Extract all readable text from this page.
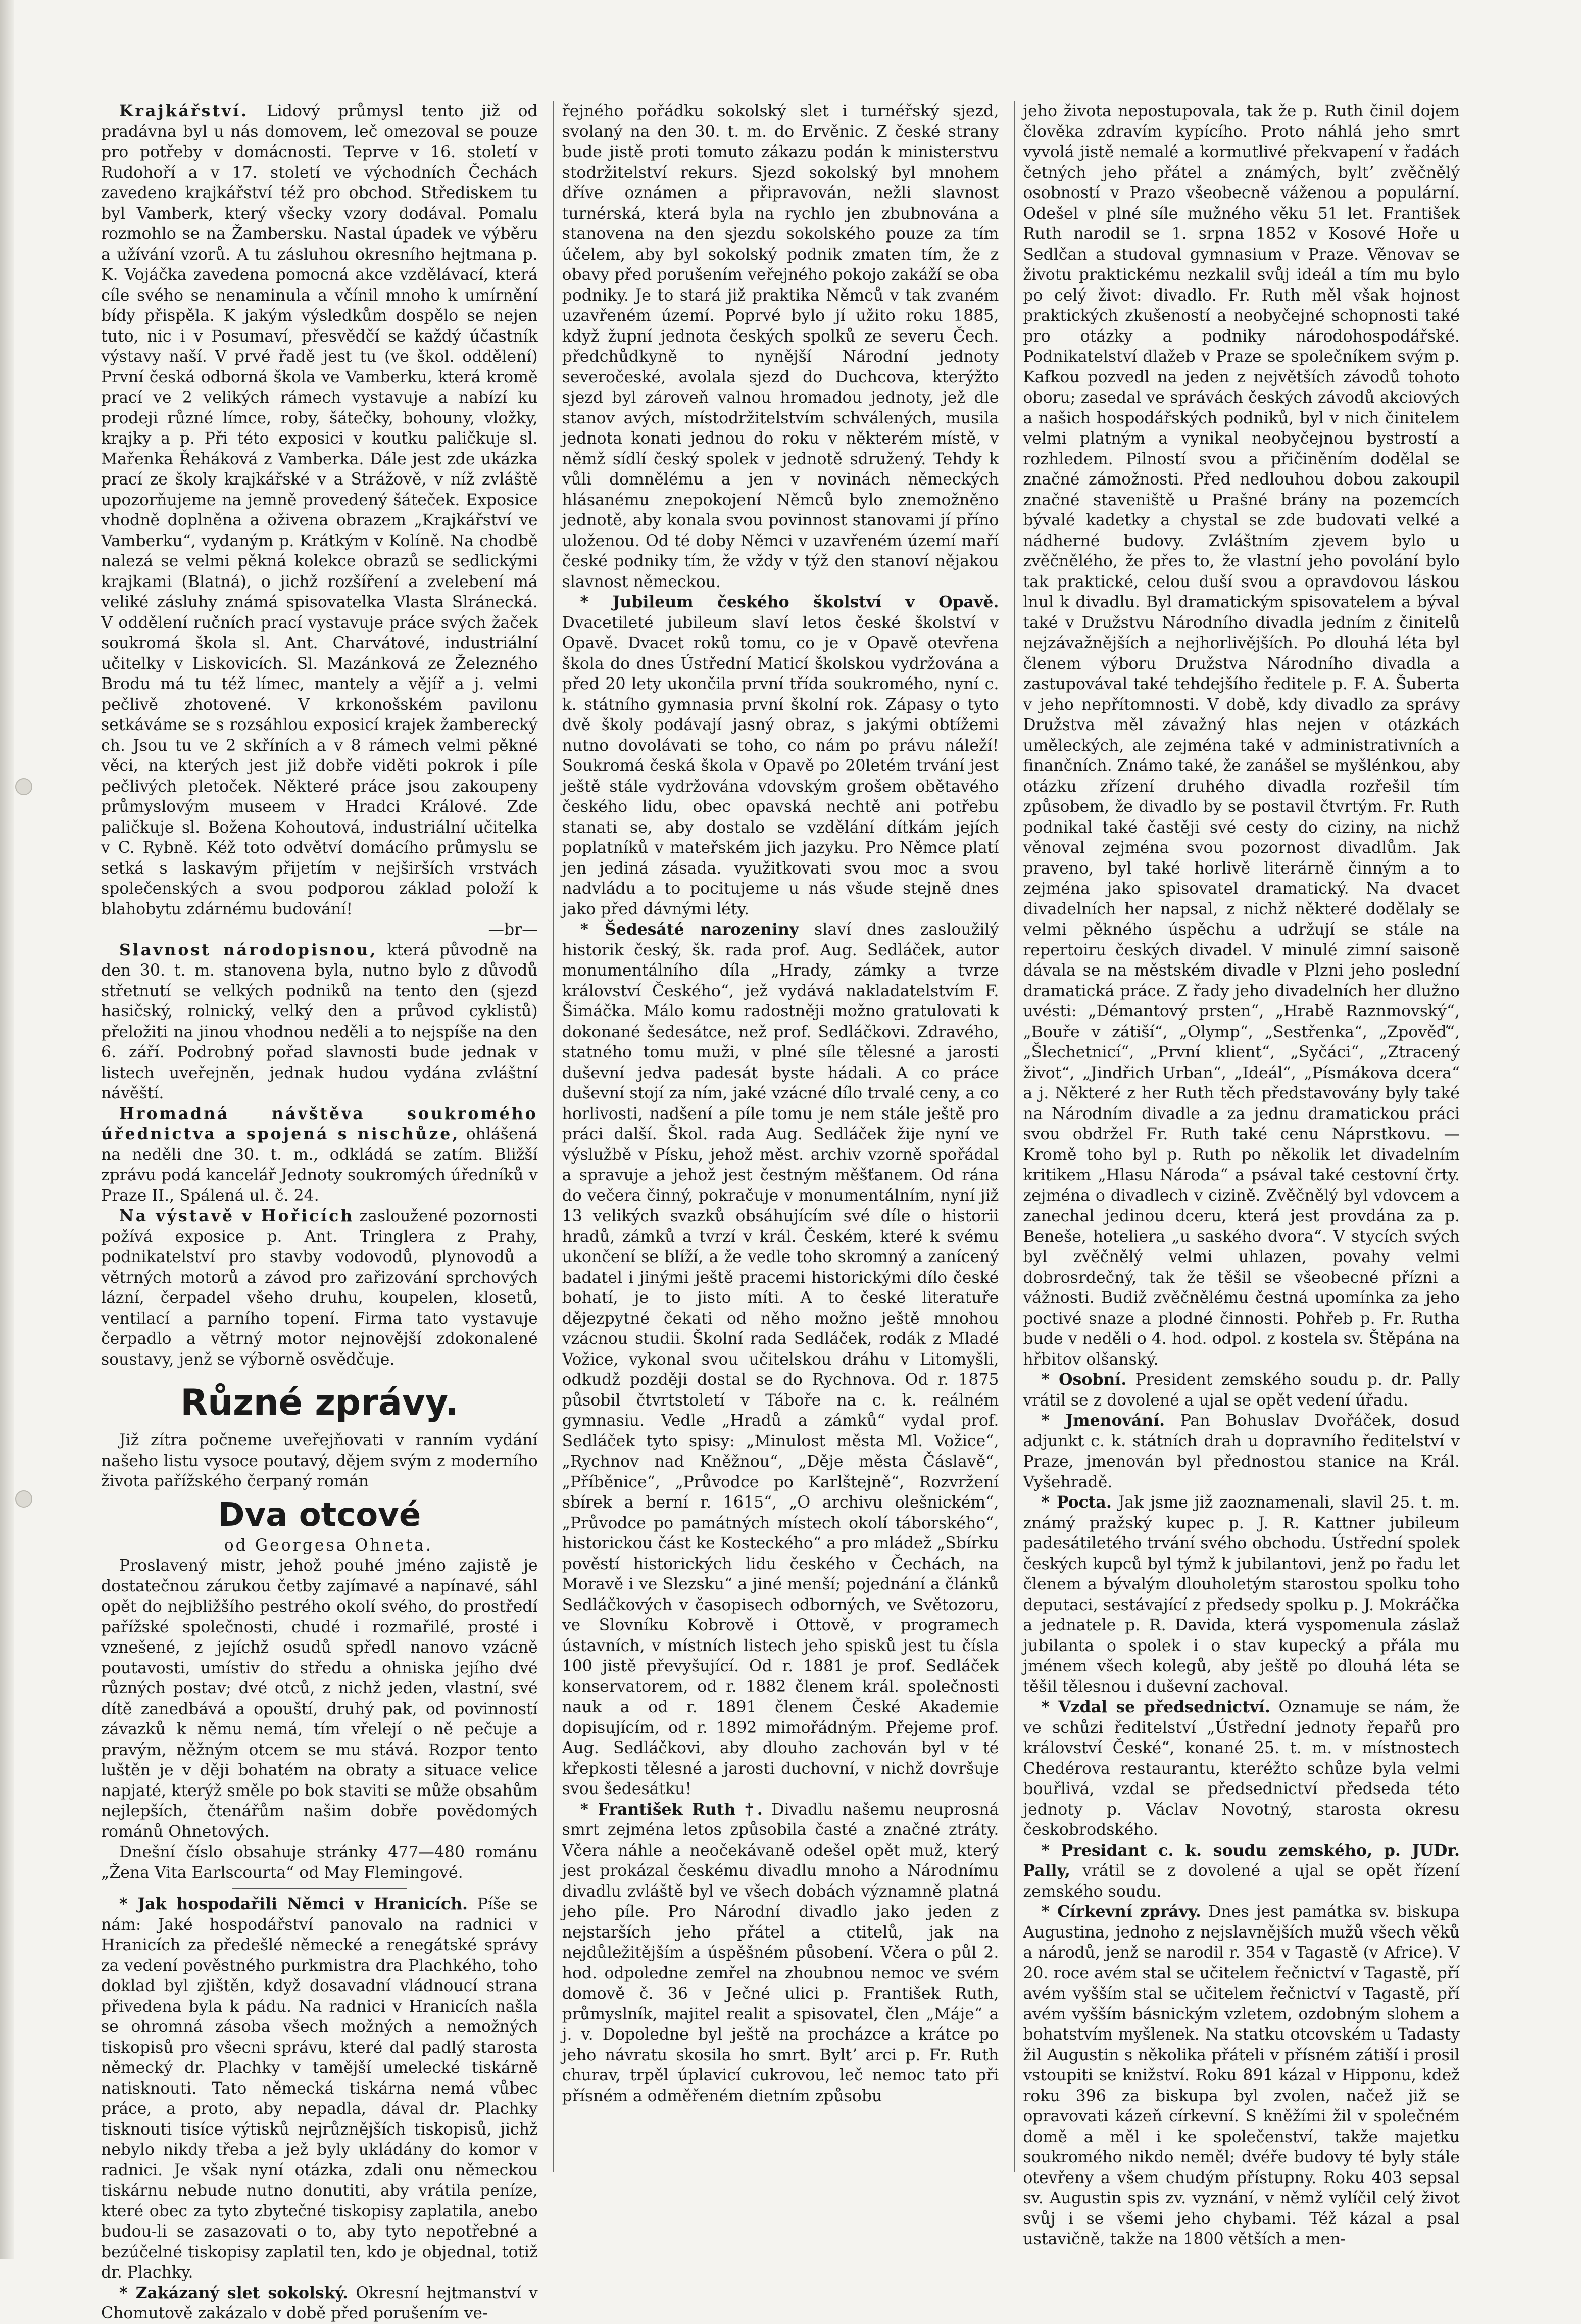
Krajkářství. Lidový průmysl tento již od pradávna byl u nás domovem, leč omezoval se pouze pro potřeby v domácnosti. Teprve v 16. století v Rudohoří a v 17. století ve východních Čechách zavedeno krajkářství též pro obchod. Střediskem tu byl Vamberk, který všecky vzory dodával. Pomalu rozmohlo se na Žambersku. Nastal úpadek ve výběru a užívání vzorů. A tu zásluhou okresního hejtmana p. K. Vojáčka zavedena pomocná akce vzdělávací, která cíle svého se nenaminula a včínil mnoho k umírnění bídy přispěla. K jakým výsledkům dospělo se nejen tuto, nic i v Posumaví, přesvědčí se každý účastník výstavy naší. V prvé řadě jest tu (ve škol. oddělení) První česká odborná škola ve Vamberku, která kromě prací ve 2 velikých rámech vystavuje a nabízí ku prodeji různé límce, roby, šátečky, bohouny, vložky, krajky a p. Při této exposici v koutku paličkuje sl. Mařenka Řeháková z Vamberka. Dále jest zde ukázka prací ze školy krajkářské v a Strážově, v níž zvláště upozorňujeme na jemně provedený šáteček. Exposice vhodně doplněna a oživena obrazem „Krajkářství ve Vamberku“, vydaným p. Krátkým v Kolíně. Na chodbě nalezá se velmi pěkná kolekce obrazů se sedlickými krajkami (Blatná), o jichž rozšíření a zvelebení má veliké zásluhy známá spisovatelka Vlasta Slránecká. V oddělení ručních prací vystavuje práce svých žaček soukromá škola sl. Ant. Charvátové, industriální učitelky v Liskovicích. Sl. Mazánková ze Železného Brodu má tu též límec, mantely a vějíř a j. velmi pečlivě zhotovené. V krkonošském pavilonu setkáváme se s rozsáhlou exposicí krajek žamberecký ch. Jsou tu ve 2 skříních a v 8 rámech velmi pěkné věci, na kterých jest již dobře viděti pokrok i píle pečlivých pletoček. Některé práce jsou zakoupeny průmyslovým museem v Hradci Králové. Zde paličkuje sl. Božena Kohoutová, industriální učitelka v C. Rybně. Kéž toto odvětví domácího průmyslu se setká s laskavým přijetím v nejširších vrstvách společenských a svou podporou základ položí k blahobytu zdárnému budování!

—br—

Slavnost národopisnou, která původně na den 30. t. m. stanovena byla, nutno bylo z důvodů střetnutí se velkých podniků na tento den (sjezd hasičský, rolnický, velký den a průvod cyklistů) přeložiti na jinou vhodnou neděli a to nejspíše na den 6. září. Podrobný pořad slavnosti bude jednak v listech uveřejněn, jednak hudou vydána zvláštní návěští.

Hromadná návštěva soukromého úřednictva a spojená s nischůze, ohlášená na neděli dne 30. t. m., odkládá se zatím. Bližší zprávu podá kancelář Jednoty soukromých úředníků v Praze II., Spálená ul. č. 24.

Na výstavě v Hořicích zasloužené pozornosti požívá exposice p. Ant. Tringlera z Prahy, podnikatelství pro stavby vodovodů, plynovodů a větrných motorů a závod pro zařizování sprchových lázní, čerpadel všeho druhu, koupelen, klosetů, ventilací a parního topení. Firma tato vystavuje čerpadlo a větrný motor nejnovější zdokonalené soustavy, jenž se výborně osvědčuje.

Různé zprávy.

Již zítra počneme uveřejňovati v ranním vydání našeho listu vysoce poutavý, dějem svým z moderního života pařížského čerpaný román

Dva otcové

od Georgesa Ohneta.

Proslavený mistr, jehož pouhé jméno zajistě je dostatečnou zárukou četby zajímavé a napínavé, sáhl opět do nejbližšího pestrého okolí svého, do prostředí pařížské společnosti, chudé i rozmařilé, prosté i vznešené, z jejíchž osudů spředl nanovo vzácně poutavosti, umístiv do středu a ohniska jejího dvé různých postav; dvé otců, z nichž jeden, vlastní, své dítě zanedbává a opouští, druhý pak, od povinností závazků k němu nemá, tím vřelejí o ně pečuje a pravým, něžným otcem se mu stává. Rozpor tento luštěn je v ději bohatém na obraty a situace velice napjaté, kterýž směle po bok staviti se může obsahům nejlepších, čtenářům našim dobře povědomých románů Ohnetových.

Dnešní číslo obsahuje stránky 477—480 románu „Žena Vita Earlscourta“ od May Flemingové.

* Jak hospodařili Němci v Hranicích. Píše se nám: Jaké hospodářství panovalo na radnici v Hranicích za předešlé německé a renegátské správy za vedení pověstného purkmistra dra Plachkého, toho doklad byl zjištěn, když dosavadní vládnoucí strana přivedena byla k pádu. Na radnici v Hranicích našla se ohromná zásoba všech možných a nemožných tiskopisů pro všecni správu, které dal padlý starosta německý dr. Plachky v tamější umelecké tiskárně natisknouti. Tato německá tiskárna nemá vůbec práce, a proto, aby nepadla, dával dr. Plachky tisknouti tisíce výtisků nejrůznějších tiskopisů, jichž nebylo nikdy třeba a jež byly ukládány do komor v radnici. Je však nyní otázka, zdali onu německou tiskárnu nebude nutno donutiti, aby vrátila peníze, které obec za tyto zbytečné tiskopisy zaplatila, anebo budou-li se zasazovati o to, aby tyto nepotřebné a bezúčelné tiskopisy zaplatil ten, kdo je objednal, totiž dr. Plachky.

* Zakázaný slet sokolský. Okresní hejtmanství v Chomutově zakázalo v době před porušením ve-

řejného pořádku sokolský slet i turnéřský sjezd, svolaný na den 30. t. m. do Ervěnic. Z české strany bude jistě proti tomuto zákazu podán k ministerstvu stodržitelství rekurs. Sjezd sokolský byl mnohem dříve oznámen a připravován, nežli slavnost turnérská, která byla na rychlo jen zbubnována a stanovena na den sjezdu sokolského pouze za tím účelem, aby byl sokolský podnik zmaten tím, že z obavy před porušením veřejného pokojo zakáží se oba podniky. Je to stará již praktika Němců v tak zvaném uzavřeném území. Poprvé bylo jí užito roku 1885, když župní jednota českých spolků ze severu Čech. předchůdkyně to nynější Národní jednoty severočeské, avolala sjezd do Duchcova, kterýžto sjezd byl zároveň valnou hromadou jednoty, jež dle stanov avých, místodržitelstvím schválených, musila jednota konati jednou do roku v některém místě, v němž sídlí český spolek v jednotě sdružený. Tehdy k vůli domnělému a jen v novinách německých hlásanému znepokojení Němců bylo znemožněno jednotě, aby konala svou povinnost stanovami jí příno uloženou. Od té doby Němci v uzavřeném území maří české podniky tím, že vždy v týž den stanoví nějakou slavnost německou.

* Jubileum českého školství v Opavě. Dvacetileté jubileum slaví letos české školství v Opavě. Dvacet roků tomu, co je v Opavě otevřena škola do dnes Ústřední Maticí školskou vydržována a před 20 lety ukončila první třída soukromého, nyní c. k. státního gymnasia první školní rok. Zápasy o tyto dvě školy podávají jasný obraz, s jakými obtížemi nutno dovolávati se toho, co nám po právu náleží! Soukromá česká škola v Opavě po 20letém trvání jest ještě stále vydržována vdovským grošem obětavého českého lidu, obec opavská nechtě ani potřebu stanati se, aby dostalo se vzdělání dítkám jejích poplatníků v mateřském jich jazyku. Pro Němce platí jen jediná zásada. využitkovati svou moc a svou nadvládu a to pocitujeme u nás všude stejně dnes jako před dávnými léty.

* Šedesáté narozeniny slaví dnes zasloužilý historik český, šk. rada prof. Aug. Sedláček, autor monumentálního díla „Hrady, zámky a tvrze království Českého“, jež vydává nakladatelstvím F. Šimáčka. Málo komu radostněji možno gratulovati k dokonané šedesátce, než prof. Sedláčkovi. Zdravého, statného tomu muži, v plné síle tělesné a jarosti duševní jedva padesát byste hádali. A co práce duševní stojí za ním, jaké vzácné dílo trvalé ceny, a co horlivosti, nadšení a píle tomu je nem stále ještě pro práci další. Škol. rada Aug. Sedláček žije nyní ve výslužbě v Písku, jehož měst. archiv vzorně spořádal a spravuje a jehož jest čestným měšťanem. Od rána do večera činný, pokračuje v monumentálním, nyní již 13 velikých svazků obsáhujícím své díle o historii hradů, zámků a tvrzí v král. Českém, které k svému ukončení se blíží, a že vedle toho skromný a zanícený badatel i jinými ještě pracemi historickými dílo české bohatí, je to jisto míti. A to české literatuře dějezpytné čekati od něho možno ještě mnohou vzácnou studii. Školní rada Sedláček, rodák z Mladé Vožice, vykonal svou učitelskou dráhu v Litomyšli, odkudž později dostal se do Rychnova. Od r. 1875 působil čtvrtstoletí v Táboře na c. k. reálném gymnasiu. Vedle „Hradů a zámků“ vydal prof. Sedláček tyto spisy: „Minulost města Ml. Vožice“, „Rychnov nad Kněžnou“, „Děje města Čáslavě“, „Příběnice“, „Průvodce po Karlštejně“, Rozvržení sbírek a berní r. 1615“, „O archivu olešnickém“, „Průvodce po památných místech okolí táborského“, historickou část ke Kosteckého“ a pro mládež „Sbírku pověstí historických lidu českého v Čechách, na Moravě i ve Slezsku“ a jiné menší; pojednání a článků Sedláčkových v časopisech odborných, ve Světozoru, ve Slovníku Kobrově i Ottově, v programech ústavních, v místních listech jeho spisků jest tu čísla 100 jistě převyšující. Od r. 1881 je prof. Sedláček konservatorem, od r. 1882 členem král. společnosti nauk a od r. 1891 členem České Akademie dopisujícím, od r. 1892 mimořádným. Přejeme prof. Aug. Sedláčkovi, aby dlouho zachován byl v té křepkosti tělesné a jarosti duchovní, v nichž dovršuje svou šedesátku!

* František Ruth †. Divadlu našemu neuprosná smrt zejména letos způsobila časté a značné ztráty. Včera náhle a neočekávaně odešel opět muž, který jest prokázal českému divadlu mnoho a Národnímu divadlu zvláště byl ve všech dobách významně platná jeho píle. Pro Národní divadlo jako jeden z nejstarších jeho přátel a ctitelů, jak na nejdůležitějším a úspěšném působení. Včera o půl 2. hod. odpoledne zemřel na zhoubnou nemoc ve svém domově č. 36 v Ječné ulici p. František Ruth, průmyslník, majitel realit a spisovatel, člen „Máje“ a j. v. Dopoledne byl ještě na procházce a krátce po jeho návratu skosila ho smrt. Byltʼ arci p. Fr. Ruth churav, trpěl úplavicí cukrovou, leč nemoc tato při přísném a odměřeném dietním způsobu

jeho života nepostupovala, tak že p. Ruth činil dojem člověka zdravím kypícího. Proto náhlá jeho smrt vyvolá jistě nemalé a kormutlivé překvapení v řadách četných jeho přátel a známých, byltʼ zvěčnělý osobností v Prazo všeobecně váženou a populární. Odešel v plné síle mužného věku 51 let. František Ruth narodil se 1. srpna 1852 v Kosové Hoře u Sedlčan a studoval gymnasium v Praze. Věnovav se životu praktickému nezkalil svůj ideál a tím mu bylo po celý život: divadlo. Fr. Ruth měl však hojnost praktických zkušeností a neobyčejné schopnosti také pro otázky a podniky národohospodářské. Podnikatelství dlažeb v Praze se společníkem svým p. Kafkou pozvedl na jeden z největších závodů tohoto oboru; zasedal ve správách českých závodů akciových a našich hospodářských podniků, byl v nich činitelem velmi platným a vynikal neobyčejnou bystrostí a rozhledem. Pilností svou a přičiněním dodělal se značné zámožnosti. Před nedlouhou dobou zakoupil značné staveniště u Prašné brány na pozemcích bývalé kadetky a chystal se zde budovati velké a nádherné budovy. Zvláštním zjevem bylo u zvěčnělého, že přes to, že vlastní jeho povolání bylo tak praktické, celou duší svou a opravdovou láskou lnul k divadlu. Byl dramatickým spisovatelem a býval také v Družstvu Národního divadla jedním z činitelů nejzávažnějších a nejhorlivějších. Po dlouhá léta byl členem výboru Družstva Národního divadla a zastupovával také tehdejšího ředitele p. F. A. Šuberta v jeho nepřítomnosti. V době, kdy divadlo za správy Družstva měl závažný hlas nejen v otázkách uměleckých, ale zejména také v administrativních a finančních. Známo také, že zanášel se myšlénkou, aby otázku zřízení druhého divadla rozřešil tím způsobem, že divadlo by se postavil čtvrtým. Fr. Ruth podnikal také častěji své cesty do ciziny, na nichž věnoval zejména svou pozornost divadlům. Jak praveno, byl také horlivě literárně činným a to zejména jako spisovatel dramatický. Na dvacet divadelních her napsal, z nichž některé dodělaly se velmi pěkného úspěchu a udržují se stále na repertoiru českých divadel. V minulé zimní saisoně dávala se na městském divadle v Plzni jeho poslední dramatická práce. Z řady jeho divadelních her dlužno uvésti: „Démantový prsten“, „Hrabě Raznmovský“, „Bouře v zátiší“, „Olymp“, „Sestřenka“, „Zpověď“, „Šlechetnicí“, „První klient“, „Syčáci“, „Ztracený život“, „Jindřich Urban“, „Ideál“, „Písmákova dcera“ a j. Některé z her Ruth těch představovány byly také na Národním divadle a za jednu dramatickou práci svou obdržel Fr. Ruth také cenu Náprstkovu. — Kromě toho byl p. Ruth po několik let divadelním kritikem „Hlasu Národa“ a psával také cestovní črty. zejména o divadlech v cizině. Zvěčnělý byl vdovcem a zanechal jedinou dceru, která jest provdána za p. Beneše, hoteliera „u saského dvora“. V stycích svých byl zvěčnělý velmi uhlazen, povahy velmi dobrosrdečný, tak že těšil se všeobecné přízni a vážnosti. Budiž zvěčnělému čestná upomínka za jeho poctivé snaze a plodné činnosti. Pohřeb p. Fr. Rutha bude v neděli o 4. hod. odpol. z kostela sv. Štěpána na hřbitov olšanský.

* Osobní. President zemského soudu p. dr. Pally vrátil se z dovolené a ujal se opět vedení úřadu.

* Jmenování. Pan Bohuslav Dvořáček, dosud adjunkt c. k. státních drah u dopravního ředitelství v Praze, jmenován byl přednostou stanice na Král. Vyšehradě.

* Pocta. Jak jsme již zaoznamenali, slavil 25. t. m. známý pražský kupec p. J. R. Kattner jubileum padesátiletého trvání svého obchodu. Ústřední spolek českých kupců byl týmž k jubilantovi, jenž po řadu let členem a bývalým dlouholetým starostou spolku toho deputaci, sestávající z předsedy spolku p. J. Mokráčka a jednatele p. R. Davida, která vyspomenula záslaž jubilanta o spolek i o stav kupecký a přála mu jménem všech kolegů, aby ještě po dlouhá léta se těšil tělesnou i duševní zachoval.

* Vzdal se předsednictví. Oznamuje se nám, že ve schůzi ředitelství „Ústřední jednoty řepařů pro království České“, konané 25. t. m. v místnostech Chedérova restaurantu, kteréžto schůze byla velmi bouřlivá, vzdal se předsednictví předseda této jednoty p. Václav Novotný, starosta okresu českobrodského.

* Presidant c. k. soudu zemského, p. JUDr. Pally, vrátil se z dovolené a ujal se opět řízení zemského soudu.

* Církevní zprávy. Dnes jest památka sv. biskupa Augustina, jednoho z nejslavnějších mužů všech věků a národů, jenž se narodil r. 354 v Tagastě (v Africe). V 20. roce avém stal se učitelem řečnictví v Tagastě, pří avém vyšším stal se učitelem řečnictví v Tagastě, pří avém vyšším básnickým vzletem, ozdobným slohem a bohatstvím myšlenek. Na statku otcovském u Tadasty žil Augustin s několika přáteli v přísném zátiší i prosil vstoupiti se knižství. Roku 891 kázal v Hipponu, kdež roku 396 za biskupa byl zvolen, načež již se opravovati kázeň církevní. S kněžími žil v společném domě a měl i ke společenství, takže majetku soukromého nikdo neměl; dvéře budovy té byly stále otevřeny a všem chudým přístupny. Roku 403 sepsal sv. Augustin spis zv. vyznání, v němž vylíčil celý život svůj i se všemi jeho chybami. Též kázal a psal ustavičně, takže na 1800 větších a men-
